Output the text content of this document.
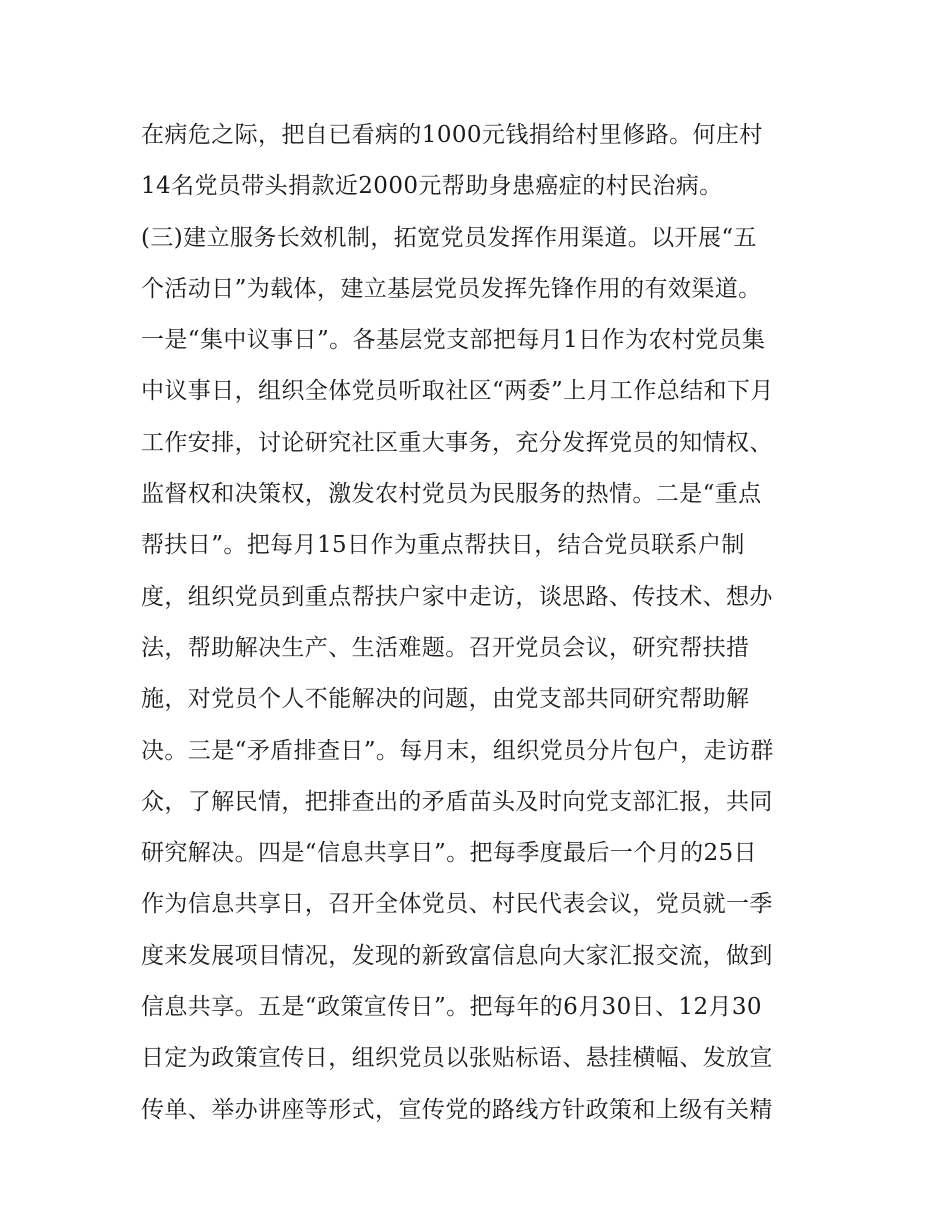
在病危之际，把自已看病的1000元钱捐给村里修路。何庄村
14名党员带头捐款近2000元帮助身患癌症的村民治病。
(三)建立服务长效机制，拓宽党员发挥作用渠道。以开展“五
个活动日”为载体，建立基层党员发挥先锋作用的有效渠道。
一是“集中议事日”。各基层党支部把每月1日作为农村党员集
中议事日，组织全体党员听取社区“两委”上月工作总结和下月
工作安排，讨论研究社区重大事务，充分发挥党员的知情权、
监督权和决策权，激发农村党员为民服务的热情。二是“重点
帮扶日”。把每月15日作为重点帮扶日，结合党员联系户制
度，组织党员到重点帮扶户家中走访，谈思路、传技术、想办
法，帮助解决生产、生活难题。召开党员会议，研究帮扶措
施，对党员个人不能解决的问题，由党支部共同研究帮助解
决。三是“矛盾排查日”。每月末，组织党员分片包户，走访群
众，了解民情，把排查出的矛盾苗头及时向党支部汇报，共同
研究解决。四是“信息共享日”。把每季度最后一个月的25日
作为信息共享日，召开全体党员、村民代表会议，党员就一季
度来发展项目情况，发现的新致富信息向大家汇报交流，做到
信息共享。五是“政策宣传日”。把每年的6月30日、12月30
日定为政策宣传日，组织党员以张贴标语、悬挂横幅、发放宣
传单、举办讲座等形式，宣传党的路线方针政策和上级有关精
